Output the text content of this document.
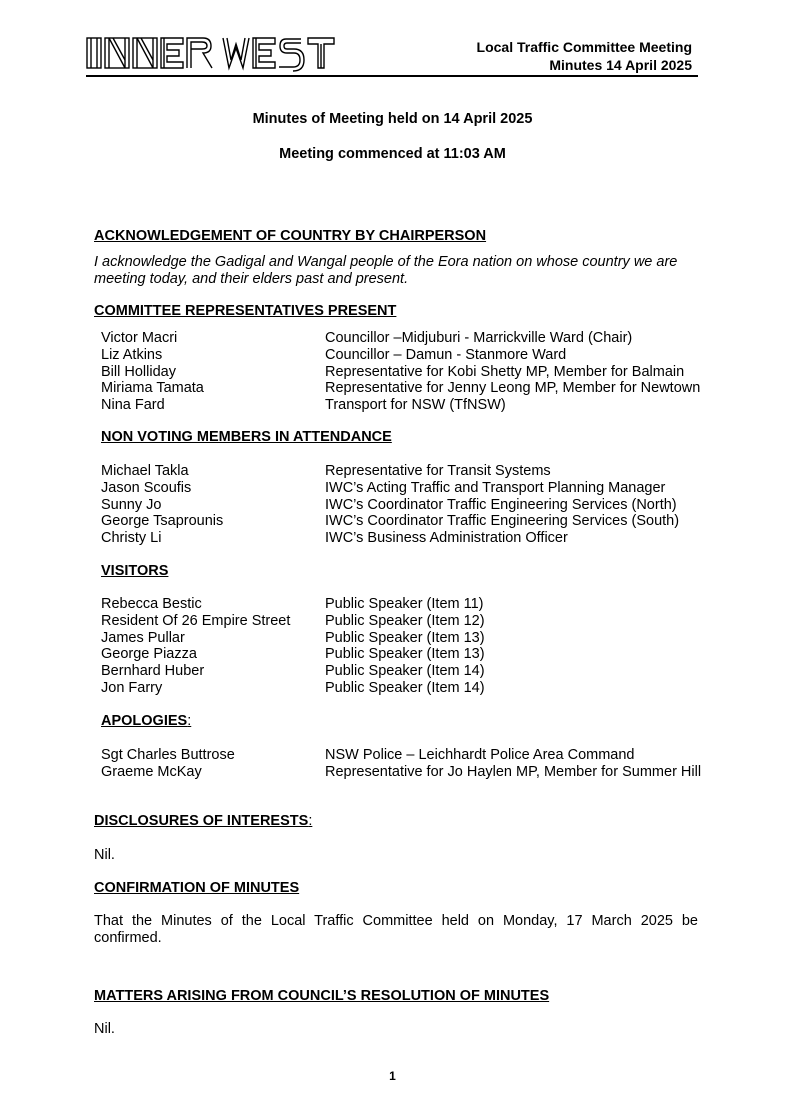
Local Traffic Committee Meeting
Minutes 14 April 2025
Minutes of Meeting held on 14 April 2025
Meeting commenced at 11:03 AM
ACKNOWLEDGEMENT OF COUNTRY BY CHAIRPERSON
I acknowledge the Gadigal and Wangal people of the Eora nation on whose country we are meeting today, and their elders past and present.
COMMITTEE REPRESENTATIVES PRESENT
Victor Macri	Councillor –Midjuburi - Marrickville Ward (Chair)
Liz Atkins	Councillor – Damun - Stanmore Ward
Bill Holliday	Representative for Kobi Shetty MP, Member for Balmain
Miriama Tamata	Representative for Jenny Leong MP, Member for Newtown
Nina Fard	Transport for NSW (TfNSW)
NON VOTING MEMBERS IN ATTENDANCE
Michael Takla	Representative for Transit Systems
Jason Scoufis	IWC’s Acting Traffic and Transport Planning Manager
Sunny Jo	IWC’s Coordinator Traffic Engineering Services (North)
George Tsaprounis	IWC’s Coordinator Traffic Engineering Services (South)
Christy Li	IWC’s Business Administration Officer
VISITORS
Rebecca Bestic	Public Speaker (Item 11)
Resident Of 26 Empire Street	Public Speaker (Item 12)
James Pullar	Public Speaker (Item 13)
George Piazza	Public Speaker (Item 13)
Bernhard Huber	Public Speaker (Item 14)
Jon Farry	Public Speaker (Item 14)
APOLOGIES:
Sgt Charles Buttrose	NSW Police – Leichhardt Police Area Command
Graeme McKay	Representative for Jo Haylen MP, Member for Summer Hill
DISCLOSURES OF INTERESTS:
Nil.
CONFIRMATION OF MINUTES
That the Minutes of the Local Traffic Committee held on Monday, 17 March 2025 be confirmed.
MATTERS ARISING FROM COUNCIL’S RESOLUTION OF MINUTES
Nil.
1
